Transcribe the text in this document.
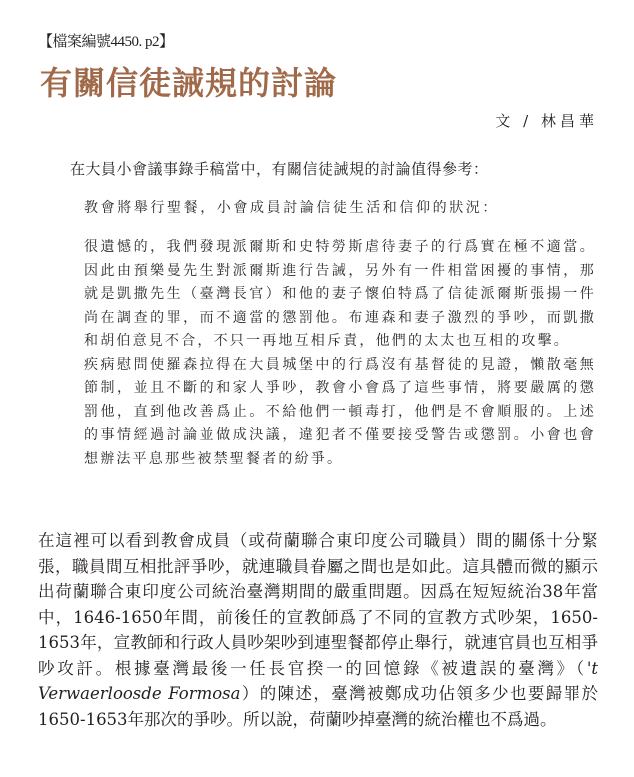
【檔案編號4450. p2】
有關信徒誡規的討論
文 / 林昌華

在大員小會議事錄手稿當中，有關信徒誡規的討論值得參考：

教會將舉行聖餐，小會成員討論信徒生活和信仰的狀況：

很遺憾的，我們發現派爾斯和史特勞斯虐待妻子的行爲實在極不適當。因此由預樂曼先生對派爾斯進行告誡，另外有一件相當困擾的事情，那就是凱撒先生（臺灣長官）和他的妻子懷伯特爲了信徒派爾斯張揚一件尚在調查的罪，而不適當的懲罰他。布連森和妻子激烈的爭吵，而凱撒和胡伯意見不合，不只一再地互相斥責，他們的太太也互相的攻擊。

疾病慰問使羅森拉得在大員城堡中的行爲沒有基督徒的見證，懶散毫無節制，並且不斷的和家人爭吵，教會小會爲了這些事情，將要嚴厲的懲罰他，直到他改善爲止。不給他們一頓毒打，他們是不會順服的。上述的事情經過討論並做成決議，違犯者不僅要接受警告或懲罰。小會也會想辦法平息那些被禁聖餐者的紛爭。

在這裡可以看到教會成員（或荷蘭聯合東印度公司職員）間的關係十分緊張，職員間互相批評爭吵，就連職員眷屬之間也是如此。這具體而微的顯示出荷蘭聯合東印度公司統治臺灣期間的嚴重問題。因爲在短短統治38年當中，1646-1650年間，前後任的宣教師爲了不同的宣教方式吵架，1650-1653年，宣教師和行政人員吵架吵到連聖餐都停止舉行，就連官員也互相爭吵攻訐。根據臺灣最後一任長官揆一的回憶錄《被遺誤的臺灣》（'t Verwaerloosde Formosa）的陳述，臺灣被鄭成功佔領多少也要歸罪於1650-1653年那次的爭吵。所以說，荷蘭吵掉臺灣的統治權也不爲過。
